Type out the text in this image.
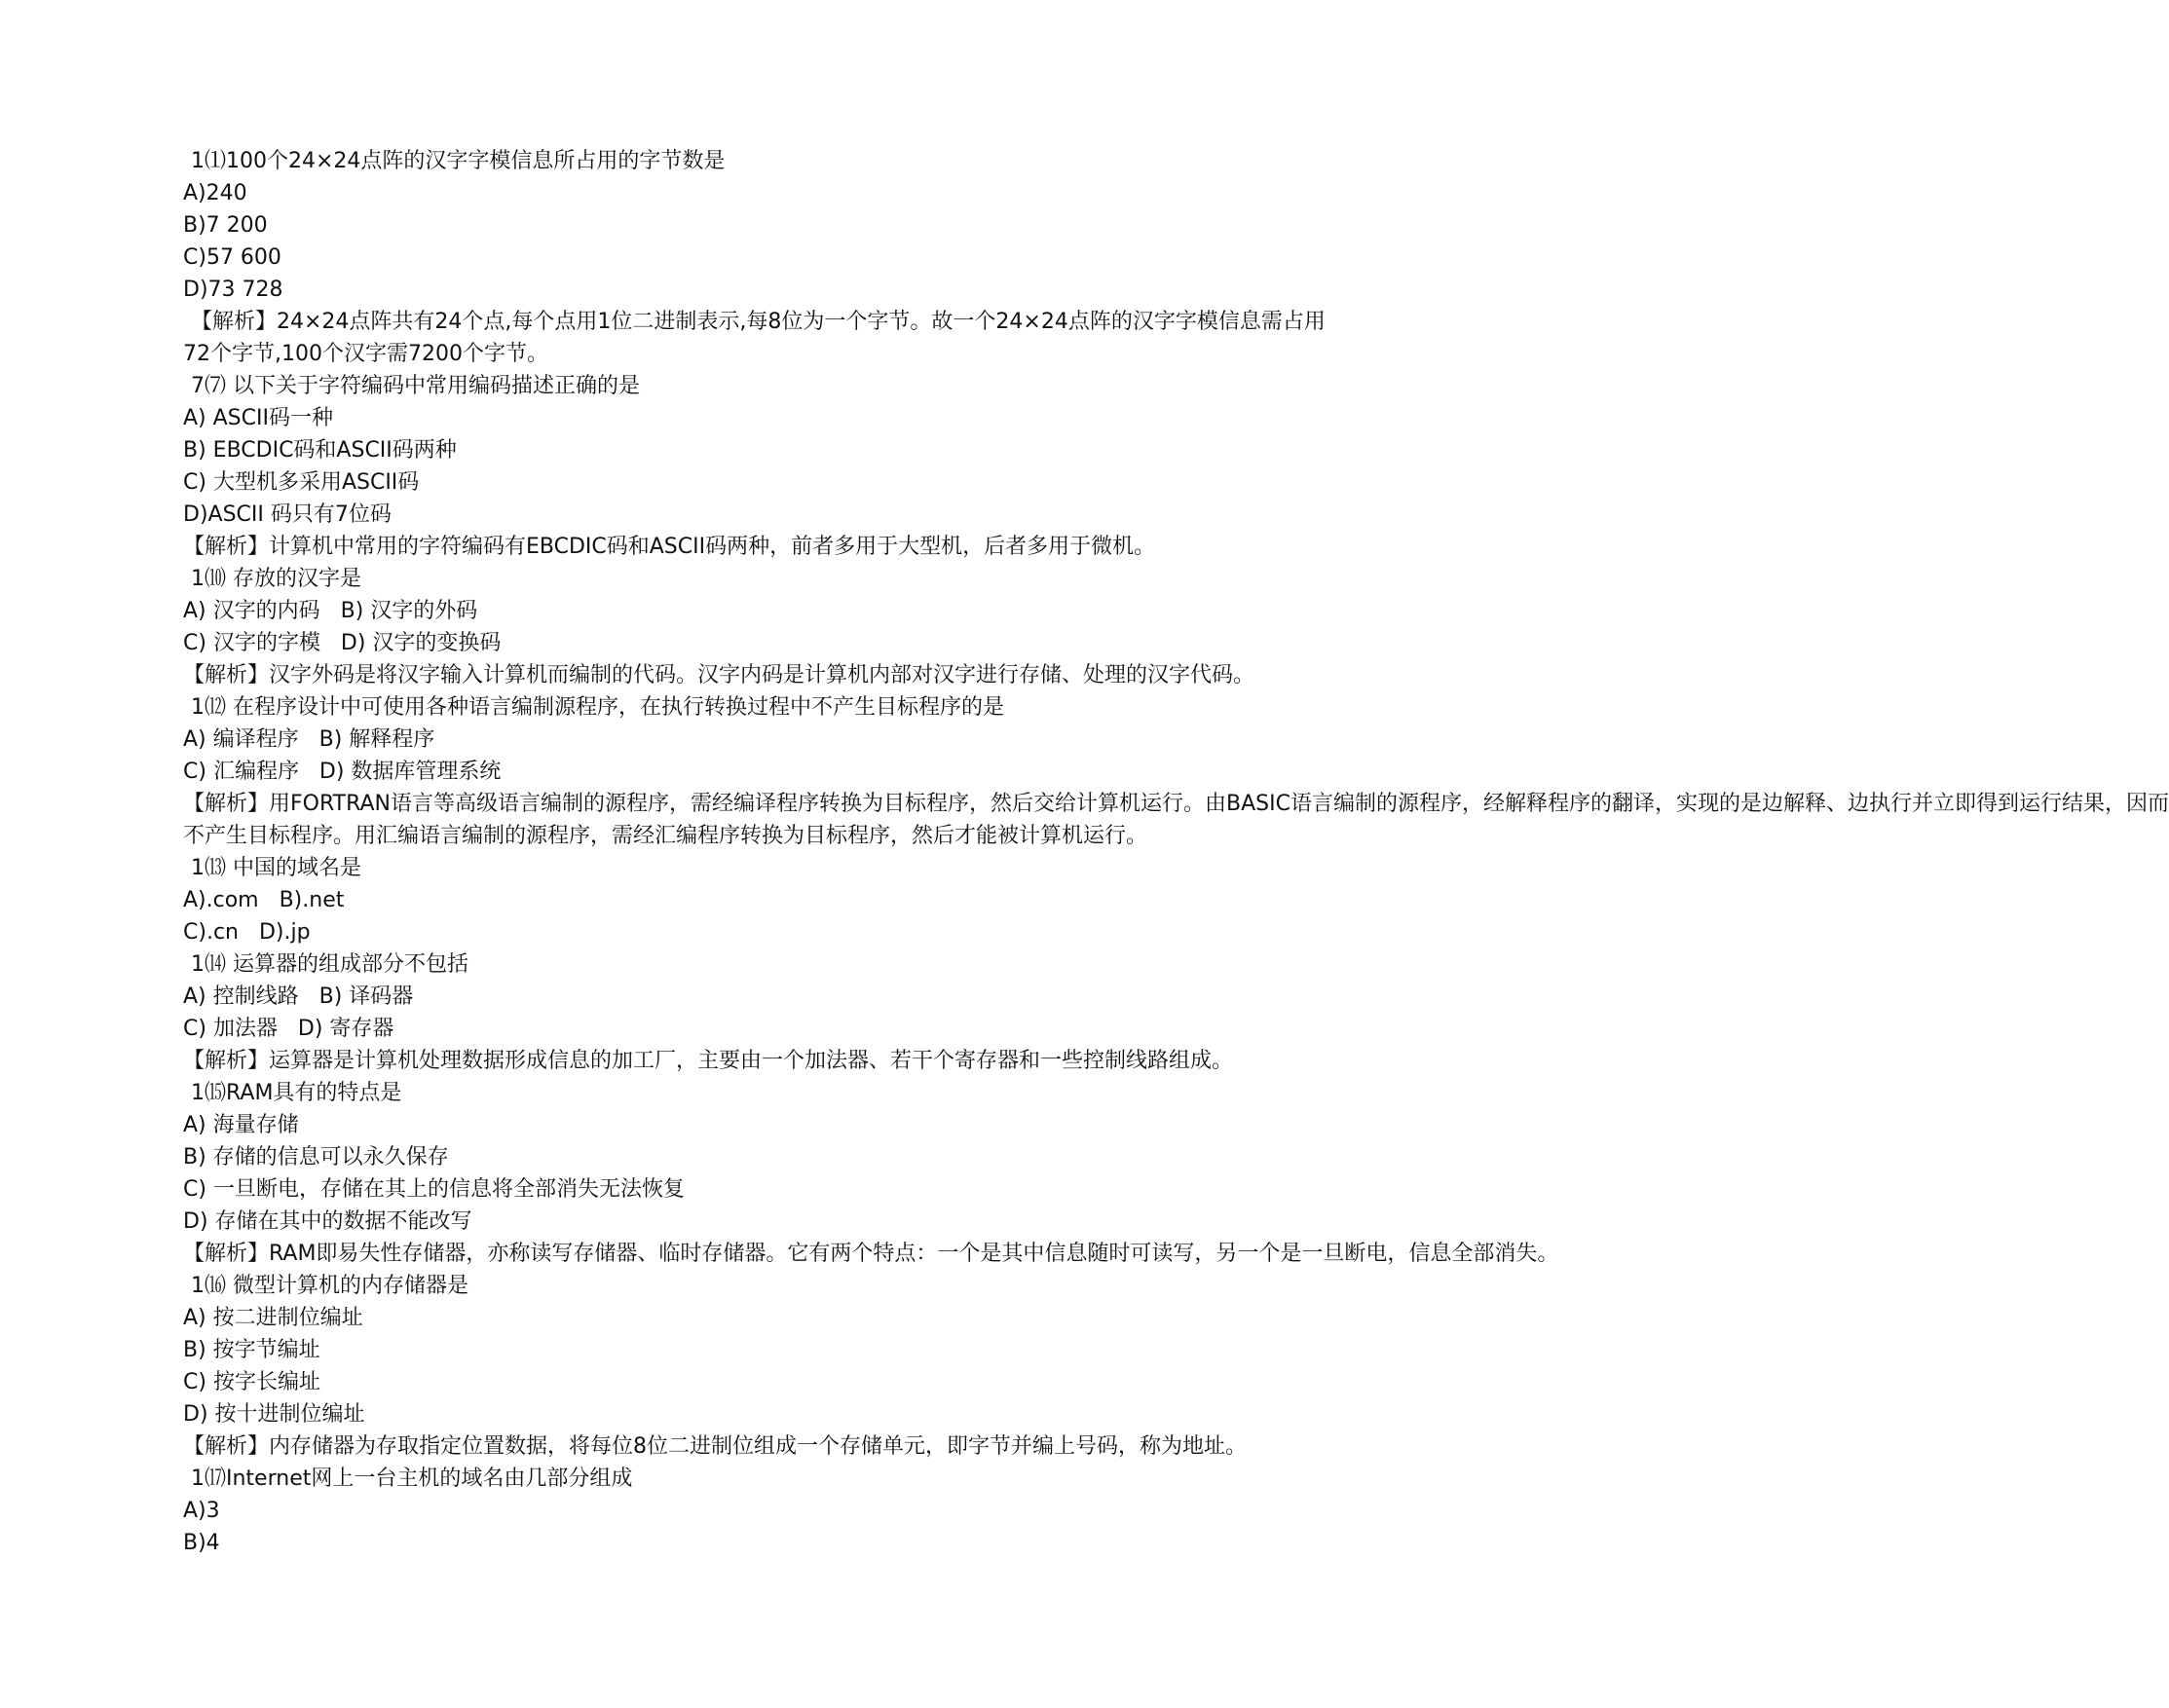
1⑴100个24×24点阵的汉字字模信息所占用的字节数是
A)240
B)7 200
C)57 600
D)73 728
【解析】24×24点阵共有24个点,每个点用1位二进制表示,每8位为一个字节。故一个24×24点阵的汉字字模信息需占用
72个字节,100个汉字需7200个字节。
7⑺ 以下关于字符编码中常用编码描述正确的是
A) ASCII码一种
B) EBCDIC码和ASCII码两种
C) 大型机多采用ASCII码
D)ASCII 码只有7位码
【解析】计算机中常用的字符编码有EBCDIC码和ASCII码两种，前者多用于大型机，后者多用于微机。
1⑽ 存放的汉字是
A) 汉字的内码   B) 汉字的外码
C) 汉字的字模   D) 汉字的变换码
【解析】汉字外码是将汉字输入计算机而编制的代码。汉字内码是计算机内部对汉字进行存储、处理的汉字代码。
1⑿ 在程序设计中可使用各种语言编制源程序，在执行转换过程中不产生目标程序的是
A) 编译程序   B) 解释程序
C) 汇编程序   D) 数据库管理系统
【解析】用FORTRAN语言等高级语言编制的源程序，需经编译程序转换为目标程序，然后交给计算机运行。由BASIC语言编制的源程序，经解释程序的翻译，实现的是边解释、边执行并立即得到运行结果，因而
不产生目标程序。用汇编语言编制的源程序，需经汇编程序转换为目标程序，然后才能被计算机运行。
1⒀ 中国的域名是
A).com   B).net
C).cn   D).jp
1⒁ 运算器的组成部分不包括
A) 控制线路   B) 译码器
C) 加法器   D) 寄存器
【解析】运算器是计算机处理数据形成信息的加工厂，主要由一个加法器、若干个寄存器和一些控制线路组成。
1⒂RAM具有的特点是
A) 海量存储
B) 存储的信息可以永久保存
C) 一旦断电，存储在其上的信息将全部消失无法恢复
D) 存储在其中的数据不能改写
【解析】RAM即易失性存储器，亦称读写存储器、临时存储器。它有两个特点：一个是其中信息随时可读写，另一个是一旦断电，信息全部消失。
1⒃ 微型计算机的内存储器是
A) 按二进制位编址
B) 按字节编址
C) 按字长编址
D) 按十进制位编址
【解析】内存储器为存取指定位置数据，将每位8位二进制位组成一个存储单元，即字节并编上号码，称为地址。
1⒄Internet网上一台主机的域名由几部分组成
A)3
B)4
